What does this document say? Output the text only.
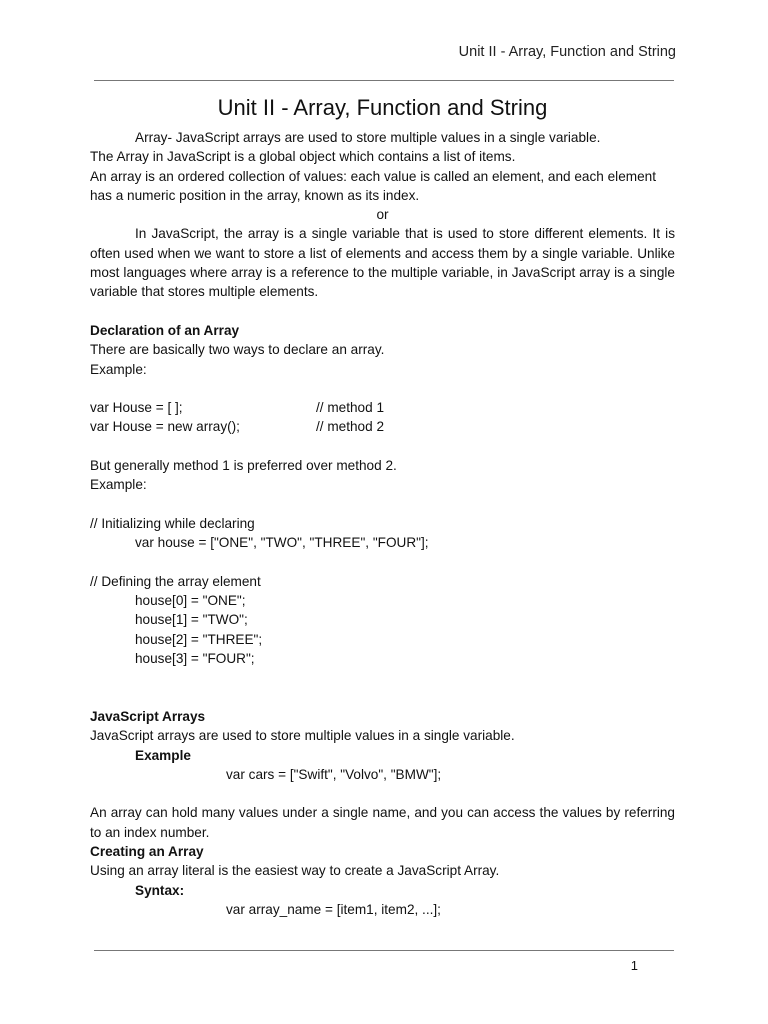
Unit II - Array, Function and String
Unit II - Array, Function and String

Array- JavaScript arrays are used to store multiple values in a single variable.

The Array in JavaScript is a global object which contains a list of items.

An array is an ordered collection of values: each value is called an element, and each element has a numeric position in the array, known as its index.

or

In JavaScript, the array is a single variable that is used to store different elements. It is often used when we want to store a list of elements and access them by a single variable. Unlike most languages where array is a reference to the multiple variable, in JavaScript array is a single variable that stores multiple elements.

Declaration of an Array

There are basically two ways to declare an array.

Example:

var House = [ ];	// method 1
var House = new array();	// method 2

But generally method 1 is preferred over method 2.

Example:

// Initializing while declaring

var house = ["ONE", "TWO", "THREE", "FOUR"];

// Defining the array element

house[0] = "ONE";

house[1] = "TWO";

house[2] = "THREE";

house[3] = "FOUR";

JavaScript Arrays

JavaScript arrays are used to store multiple values in a single variable.

Example

var cars = ["Swift", "Volvo", "BMW"];

An array can hold many values under a single name, and you can access the values by referring to an index number.

Creating an Array

Using an array literal is the easiest way to create a JavaScript Array.

Syntax:

var array_name = [item1, item2, ...];

1
